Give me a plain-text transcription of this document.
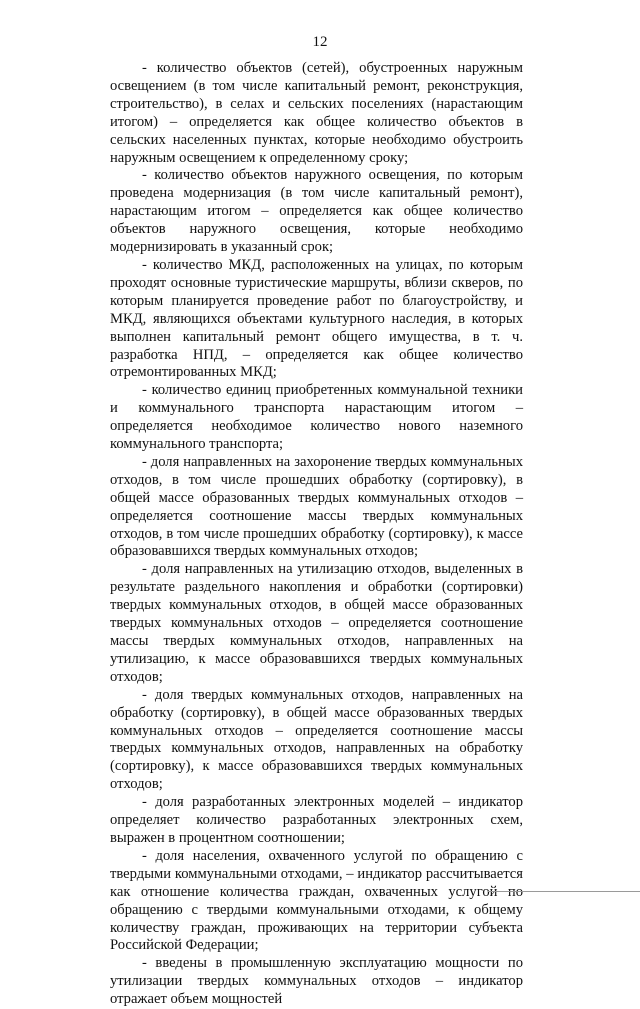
12

- количество объектов (сетей), обустроенных наружным освещением (в том числе капитальный ремонт, реконструкция, строительство), в селах и сельских поселениях (нарастающим итогом) – определяется как общее количество объектов в сельских населенных пунктах, которые необходимо обустроить наружным освещением к определенному сроку;

- количество объектов наружного освещения, по которым проведена модернизация (в том числе капитальный ремонт), нарастающим итогом – определяется как общее количество объектов наружного освещения, которые необходимо модернизировать в указанный срок;

- количество МКД, расположенных на улицах, по которым проходят основные туристические маршруты, вблизи скверов, по которым планируется проведение работ по благоустройству, и МКД, являющихся объектами культурного наследия, в которых выполнен капитальный ремонт общего имущества, в т. ч. разработка НПД, – определяется как общее количество отремонтированных МКД;

- количество единиц приобретенных коммунальной техники и коммунального транспорта нарастающим итогом – определяется необходимое количество нового наземного коммунального транспорта;

- доля направленных на захоронение твердых коммунальных отходов, в том числе прошедших обработку (сортировку), в общей массе образованных твердых коммунальных отходов – определяется соотношение массы твердых коммунальных отходов, в том числе прошедших обработку (сортировку), к массе образовавшихся твердых коммунальных отходов;

- доля направленных на утилизацию отходов, выделенных в результате раздельного накопления и обработки (сортировки) твердых коммунальных отходов, в общей массе образованных твердых коммунальных отходов – определяется соотношение массы твердых коммунальных отходов, направленных на утилизацию, к массе образовавшихся твердых коммунальных отходов;

- доля твердых коммунальных отходов, направленных на обработку (сортировку), в общей массе образованных твердых коммунальных отходов – определяется соотношение массы твердых коммунальных отходов, направленных на обработку (сортировку), к массе образовавшихся твердых коммунальных отходов;

- доля разработанных электронных моделей – индикатор определяет количество разработанных электронных схем, выражен в процентном соотношении;

- доля населения, охваченного услугой по обращению с твердыми коммунальными отходами, – индикатор рассчитывается как отношение количества граждан, охваченных услугой по обращению с твердыми коммунальными отходами, к общему количеству граждан, проживающих на территории субъекта Российской Федерации;

- введены в промышленную эксплуатацию мощности по утилизации твердых коммунальных отходов – индикатор отражает объем мощностей
